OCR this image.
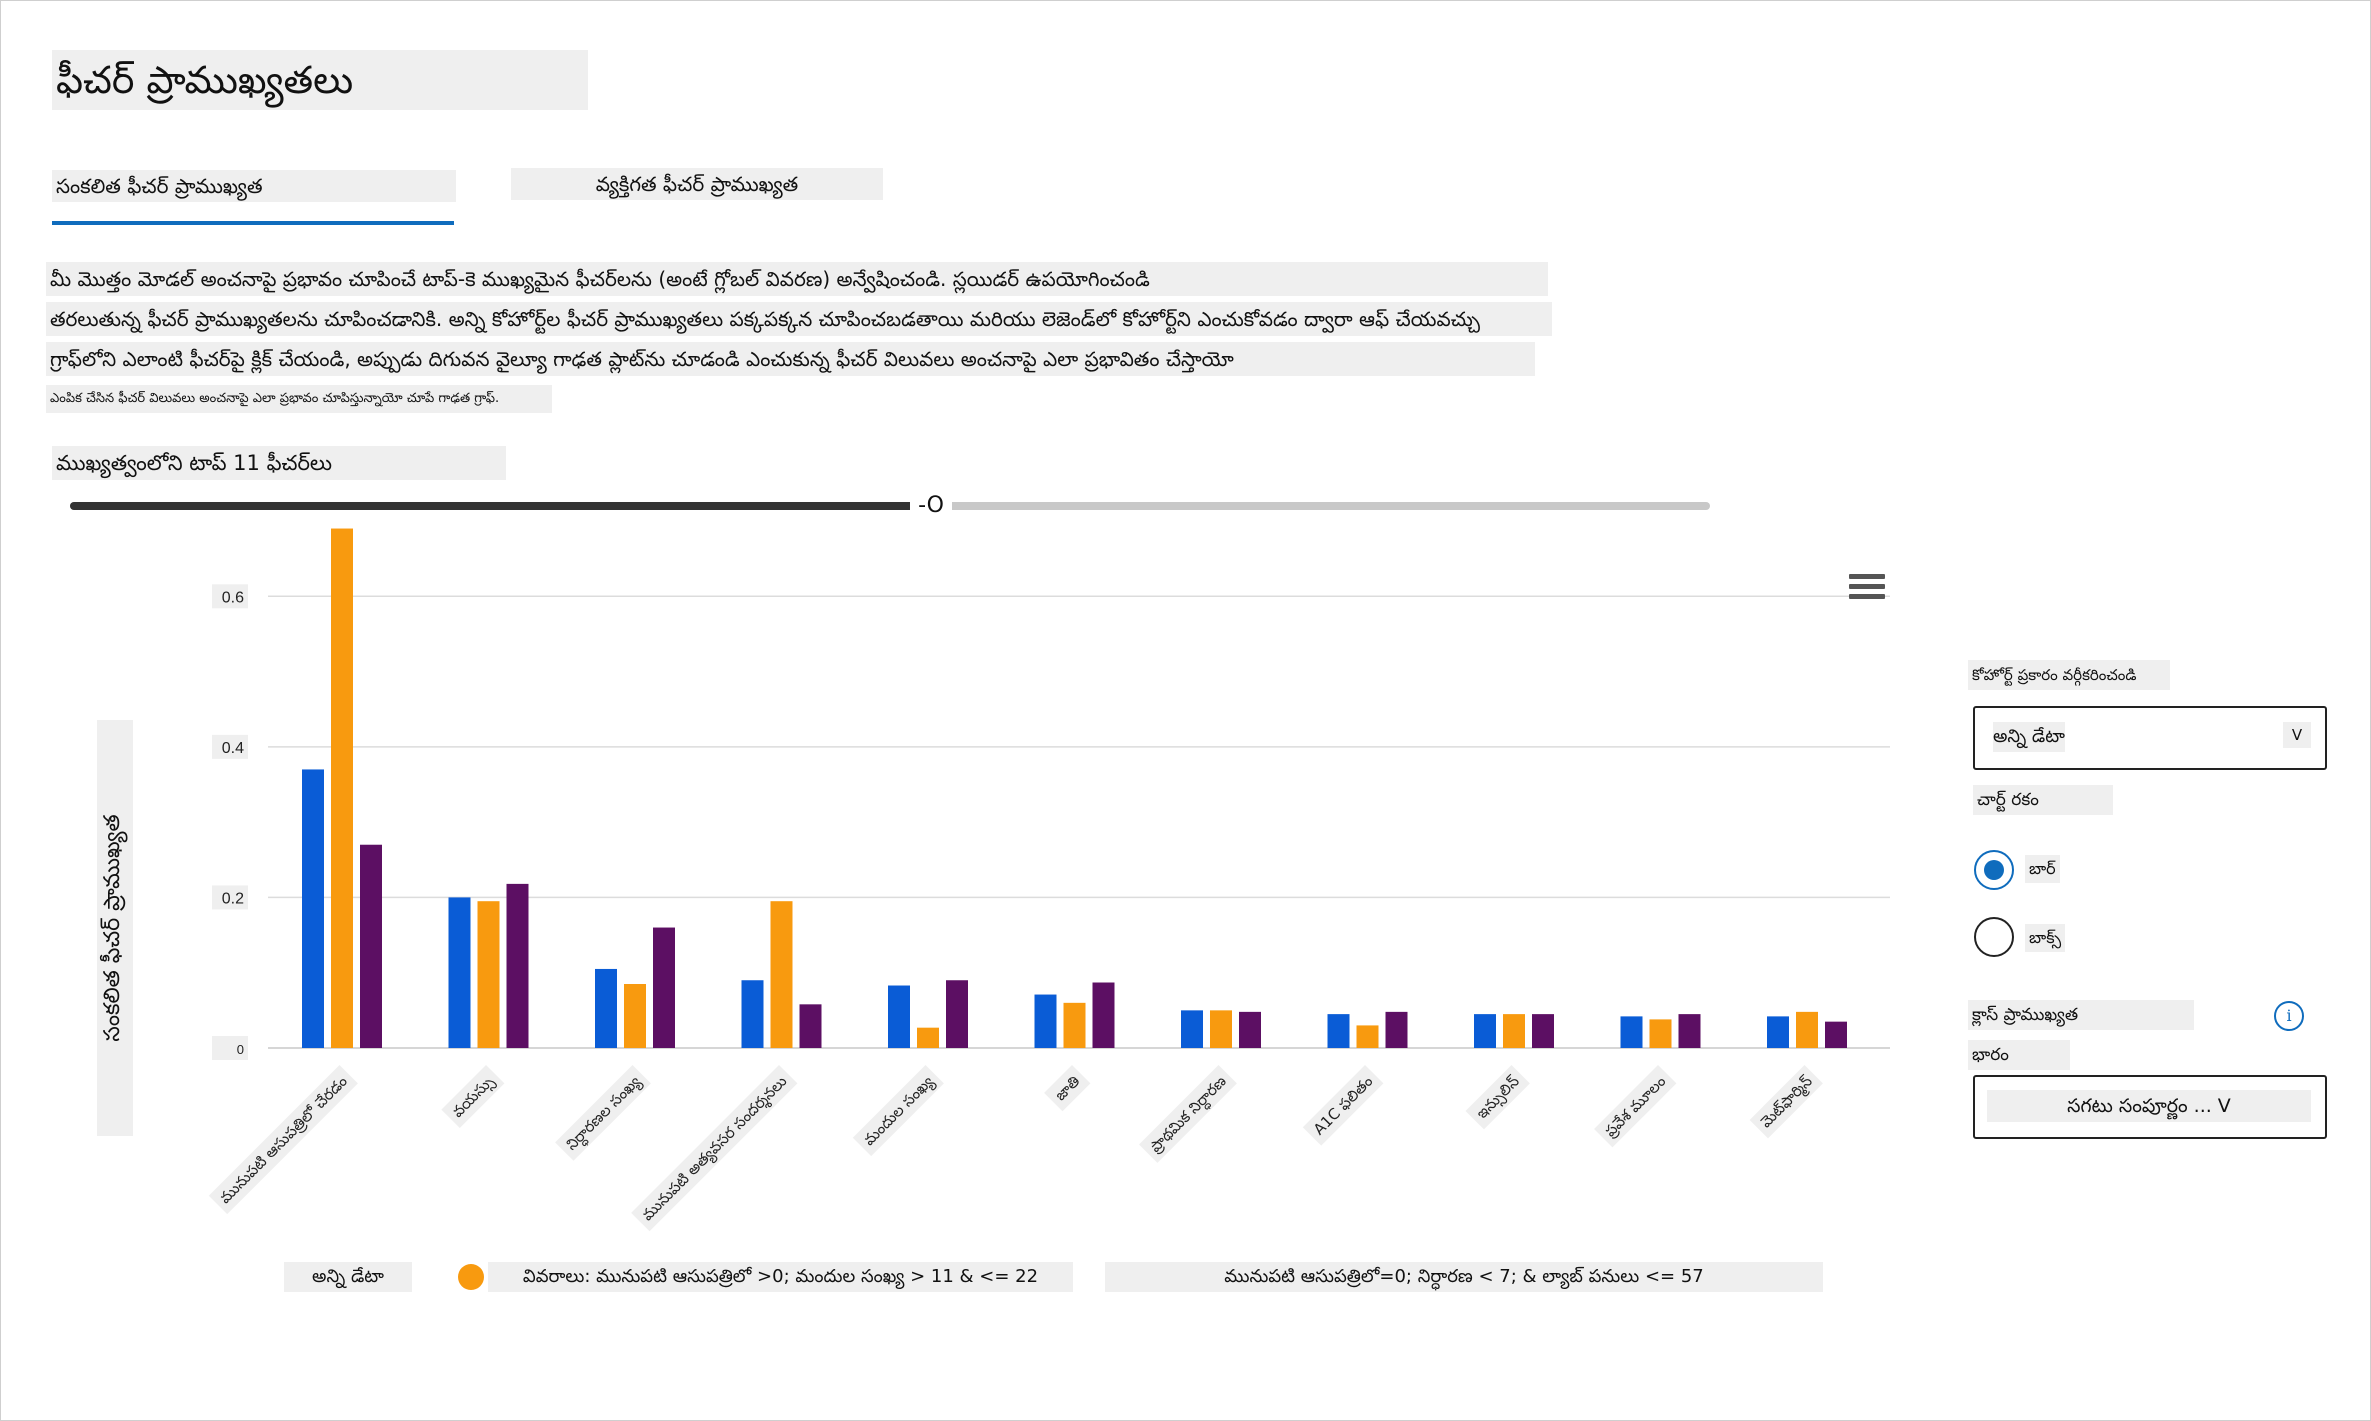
ఫీచర్ ప్రాముఖ్యతలు
సంకలిత ఫీచర్ ప్రాముఖ్యత	వ్యక్తిగత ఫీచర్ ప్రాముఖ్యత
మీ మొత్తం మోడల్ అంచనాపై ప్రభావం చూపించే టాప్-కె ముఖ్యమైన ఫీచర్‌లను (అంటే గ్లోబల్ వివరణ) అన్వేషించండి. స్లయిడర్ ఉపయోగించండి
తరలుతున్న ఫీచర్ ప్రాముఖ్యతలను చూపించడానికి. అన్ని కోహోర్ట్‌ల ఫీచర్ ప్రాముఖ్యతలు పక్కపక్కన చూపించబడతాయి మరియు లెజెండ్‌లో కోహోర్ట్‌ని ఎంచుకోవడం ద్వారా ఆఫ్ చేయవచ్చు
గ్రాఫ్‌లోని ఎలాంటి ఫీచర్‌పై క్లిక్ చేయండి, అప్పుడు దిగువన వైల్యూ గాఢత ప్లాట్‌ను చూడండి ఎంచుకున్న ఫీచర్ విలువలు అంచనాపై ఎలా ప్రభావితం చేస్తాయో
ఎంపిక చేసిన ఫీచర్ విలువలు అంచనాపై ఎలా ప్రభావం చూపిస్తున్నాయో చూపే గాఢత గ్రాఫ్.
ముఖ్యత్వంలోని టాప్ 11 ఫీచర్‌లు
-O
0
0.2
0.4
0.6
మునుపటి ఆసుపత్రిలో చేరడం	వయస్సు	నిర్ధారణల సంఖ్య
మునుపటి అత్యవసర సందర్శనలు	మందుల సంఖ్య	జాతి	ప్రాథమిక నిర్ధారణ	A1C ఫలితం	ఇన్సులిన్	ప్రవేశ మూలం	మెట్‌ఫార్మిన్
సంకలిత ఫీచర్ ప్రాముఖ్యత
అన్ని డేటా	వివరాలు: మునుపటి ఆసుపత్రిలో >0; మందుల సంఖ్య > 11 & <= 22	మునుపటి ఆసుపత్రిలో=0; నిర్ధారణ < 7; & ల్యాబ్ పనులు <= 57
కోహోర్ట్ ప్రకారం వర్గీకరించండి
అన్ని డేటా	V
చార్ట్ రకం
బార్
బాక్స్
క్లాస్ ప్రాముఖ్యత	i
భారం
సగటు సంపూర్ణం ... V
